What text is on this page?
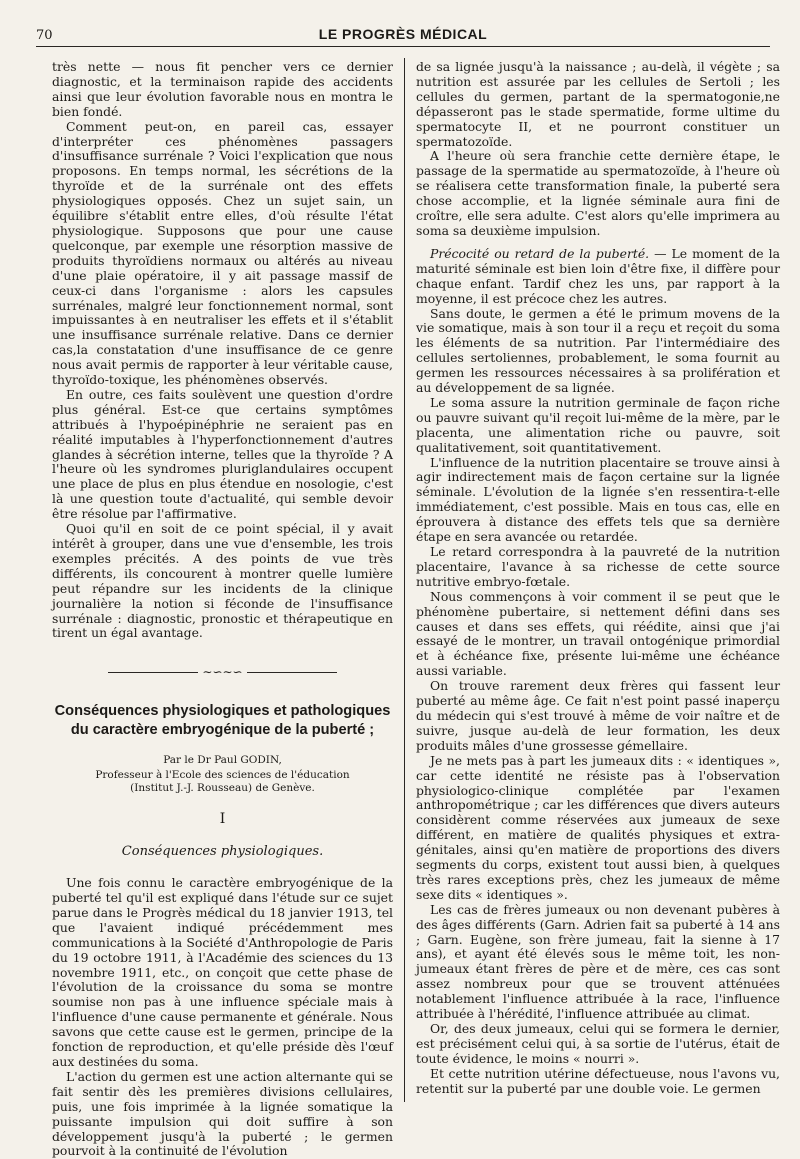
70	LE PROGRÈS MÉDICAL

très nette — nous fit pencher vers ce dernier diagnostic, et la terminaison rapide des accidents ainsi que leur évolution favorable nous en montra le bien fondé.

Comment peut-on, en pareil cas, essayer d'interpréter ces phénomènes passagers d'insuffisance surrénale ? Voici l'explication que nous proposons. En temps normal, les sécrétions de la thyroïde et de la surrénale ont des effets physiologiques opposés. Chez un sujet sain, un équilibre s'établit entre elles, d'où résulte l'état physiologique. Supposons que pour une cause quelconque, par exemple une résorption massive de produits thyroïdiens normaux ou altérés au niveau d'une plaie opératoire, il y ait passage massif de ceux-ci dans l'organisme : alors les capsules surrénales, malgré leur fonctionnement normal, sont impuissantes à en neutraliser les effets et il s'établit une insuffisance surrénale relative. Dans ce dernier cas,la constatation d'une insuffisance de ce genre nous avait permis de rapporter à leur véritable cause, thyroïdo-toxique, les phénomènes observés.

En outre, ces faits soulèvent une question d'ordre plus général. Est-ce que certains symptômes attribués à l'hypoépinéphrie ne seraient pas en réalité imputables à l'hyperfonctionnement d'autres glandes à sécrétion interne, telles que la thyroïde ? A l'heure où les syndromes pluriglandulaires occupent une place de plus en plus étendue en nosologie, c'est là une question toute d'actualité, qui semble devoir être résolue par l'affirmative.

Quoi qu'il en soit de ce point spécial, il y avait intérêt à grouper, dans une vue d'ensemble, les trois exemples précités. A des points de vue très différents, ils concourent à montrer quelle lumière peut répandre sur les incidents de la clinique journalière la notion si féconde de l'insuffisance surrénale : diagnostic, pronostic et thérapeutique en tirent un égal avantage.

∼∽∼∽
Conséquences physiologiques et pathologiques du caractère embryogénique de la puberté ;
Par le Dr Paul GODIN,
Professeur à l'Ecole des sciences de l'éducation
(Institut J.-J. Rousseau) de Genève.
I
Conséquences physiologiques.

Une fois connu le caractère embryogénique de la puberté tel qu'il est expliqué dans l'étude sur ce sujet parue dans le Progrès médical du 18 janvier 1913, tel que l'avaient indiqué précédemment mes communications à la Société d'Anthropologie de Paris du 19 octobre 1911, à l'Académie des sciences du 13 novembre 1911, etc., on conçoit que cette phase de l'évolution de la croissance du soma se montre soumise non pas à une influence spéciale mais à l'influence d'une cause permanente et générale. Nous savons que cette cause est le germen, principe de la fonction de reproduction, et qu'elle préside dès l'œuf aux destinées du soma.

L'action du germen est une action alternante qui se fait sentir dès les premières divisions cellulaires, puis, une fois imprimée à la lignée somatique la puissante impulsion qui doit suffire à son développement jusqu'à la puberté ; le germen pourvoit à la continuité de l'évolution

de sa lignée jusqu'à la naissance ; au-delà, il végète ; sa nutrition est assurée par les cellules de Sertoli ; les cellules du germen, partant de la spermatogonie,ne dépasseront pas le stade spermatide, forme ultime du spermatocyte II, et ne pourront constituer un spermatozoïde.

A l'heure où sera franchie cette dernière étape, le passage de la spermatide au spermatozoïde, à l'heure où se réalisera cette transformation finale, la puberté sera chose accomplie, et la lignée séminale aura fini de croître, elle sera adulte. C'est alors qu'elle imprimera au soma sa deuxième impulsion.

Précocité ou retard de la puberté. — Le moment de la maturité séminale est bien loin d'être fixe, il diffère pour chaque enfant. Tardif chez les uns, par rapport à la moyenne, il est précoce chez les autres.

Sans doute, le germen a été le primum movens de la vie somatique, mais à son tour il a reçu et reçoit du soma les éléments de sa nutrition. Par l'intermédiaire des cellules sertoliennes, probablement, le soma fournit au germen les ressources nécessaires à sa prolifération et au développement de sa lignée.

Le soma assure la nutrition germinale de façon riche ou pauvre suivant qu'il reçoit lui-même de la mère, par le placenta, une alimentation riche ou pauvre, soit qualitativement, soit quantitativement.

L'influence de la nutrition placentaire se trouve ainsi à agir indirectement mais de façon certaine sur la lignée séminale. L'évolution de la lignée s'en ressentira-t-elle immédiatement, c'est possible. Mais en tous cas, elle en éprouvera à distance des effets tels que sa dernière étape en sera avancée ou retardée.

Le retard correspondra à la pauvreté de la nutrition placentaire, l'avance à sa richesse de cette source nutritive embryo-fœtale.

Nous commençons à voir comment il se peut que le phénomène pubertaire, si nettement défini dans ses causes et dans ses effets, qui réédite, ainsi que j'ai essayé de le montrer, un travail ontogénique primordial et à échéance fixe, présente lui-même une échéance aussi variable.

On trouve rarement deux frères qui fassent leur puberté au même âge. Ce fait n'est point passé inaperçu du médecin qui s'est trouvé à même de voir naître et de suivre, jusque au-delà de leur formation, les deux produits mâles d'une grossesse gémellaire.

Je ne mets pas à part les jumeaux dits : « identiques », car cette identité ne résiste pas à l'observation physiologico-clinique complétée par l'examen anthropométrique ; car les différences que divers auteurs considèrent comme réservées aux jumeaux de sexe différent, en matière de qualités physiques et extra-génitales, ainsi qu'en matière de proportions des divers segments du corps, existent tout aussi bien, à quelques très rares exceptions près, chez les jumeaux de même sexe dits « identiques ».

Les cas de frères jumeaux ou non devenant pubères à des âges différents (Garn. Adrien fait sa puberté à 14 ans ; Garn. Eugène, son frère jumeau, fait la sienne à 17 ans), et ayant été élevés sous le même toit, les non-jumeaux étant frères de père et de mère, ces cas sont assez nombreux pour que se trouvent atténuées notablement l'influence attribuée à la race, l'influence attribuée à l'hérédité, l'influence attribuée au climat.

Or, des deux jumeaux, celui qui se formera le dernier, est précisément celui qui, à sa sortie de l'utérus, était de toute évidence, le moins « nourri ».

Et cette nutrition utérine défectueuse, nous l'avons vu, retentit sur la puberté par une double voie. Le germen
